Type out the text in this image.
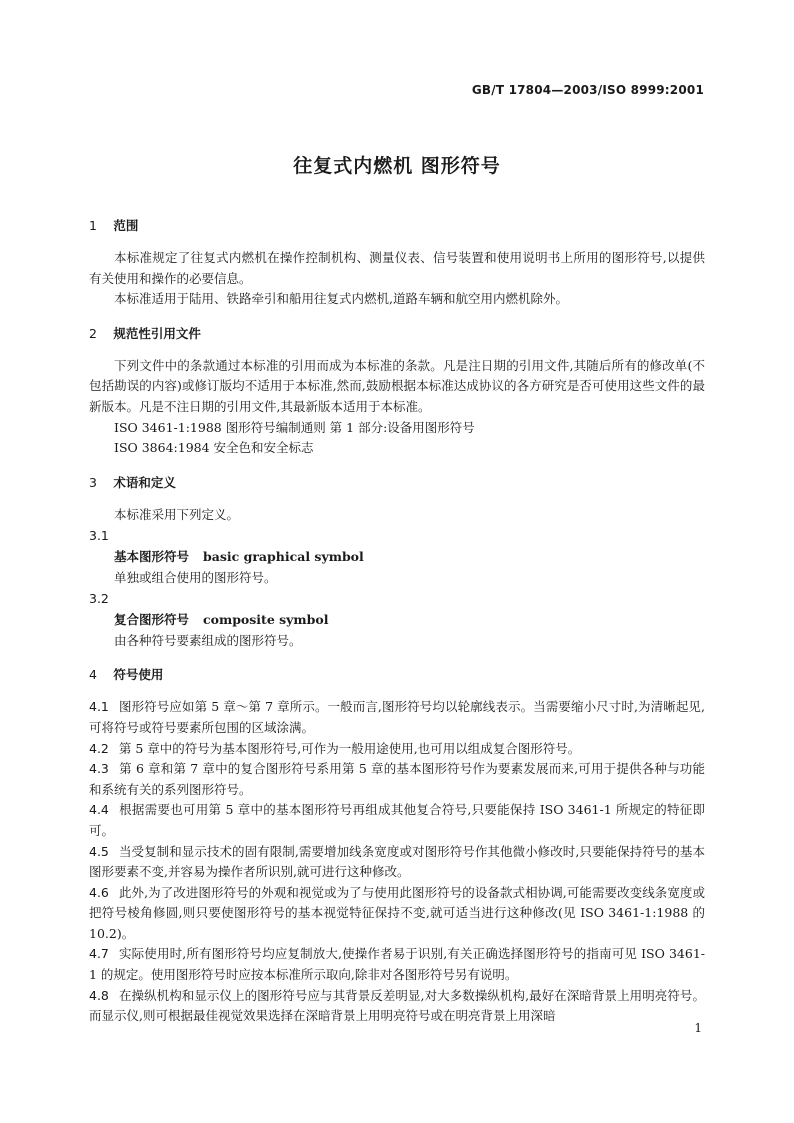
GB/T 17804—2003/ISO 8999:2001
往复式内燃机 图形符号
1 范围

本标准规定了往复式内燃机在操作控制机构、测量仪表、信号装置和使用说明书上所用的图形符号,以提供有关使用和操作的必要信息。

本标准适用于陆用、铁路牵引和船用往复式内燃机,道路车辆和航空用内燃机除外。

2 规范性引用文件

下列文件中的条款通过本标准的引用而成为本标准的条款。凡是注日期的引用文件,其随后所有的修改单(不包括勘误的内容)或修订版均不适用于本标准,然而,鼓励根据本标准达成协议的各方研究是否可使用这些文件的最新版本。凡是不注日期的引用文件,其最新版本适用于本标准。

ISO 3461-1:1988 图形符号编制通则 第 1 部分:设备用图形符号

ISO 3864:1984 安全色和安全标志

3 术语和定义

本标准采用下列定义。

3.1
基本图形符号 basic graphical symbol
单独或组合使用的图形符号。
3.2
复合图形符号 composite symbol
由各种符号要素组成的图形符号。
4 符号使用

4.1 图形符号应如第 5 章～第 7 章所示。一般而言,图形符号均以轮廓线表示。当需要缩小尺寸时,为清晰起见,可将符号或符号要素所包围的区域涂满。

4.2 第 5 章中的符号为基本图形符号,可作为一般用途使用,也可用以组成复合图形符号。

4.3 第 6 章和第 7 章中的复合图形符号系用第 5 章的基本图形符号作为要素发展而来,可用于提供各种与功能和系统有关的系列图形符号。

4.4 根据需要也可用第 5 章中的基本图形符号再组成其他复合符号,只要能保持 ISO 3461-1 所规定的特征即可。

4.5 当受复制和显示技术的固有限制,需要增加线条宽度或对图形符号作其他微小修改时,只要能保持符号的基本图形要素不变,并容易为操作者所识别,就可进行这种修改。

4.6 此外,为了改进图形符号的外观和视觉或为了与使用此图形符号的设备款式相协调,可能需要改变线条宽度或把符号棱角修圆,则只要使图形符号的基本视觉特征保持不变,就可适当进行这种修改(见 ISO 3461-1:1988 的 10.2)。

4.7 实际使用时,所有图形符号均应复制放大,使操作者易于识别,有关正确选择图形符号的指南可见 ISO 3461-1 的规定。使用图形符号时应按本标准所示取向,除非对各图形符号另有说明。

4.8 在操纵机构和显示仪上的图形符号应与其背景反差明显,对大多数操纵机构,最好在深暗背景上用明亮符号。而显示仪,则可根据最佳视觉效果选择在深暗背景上用明亮符号或在明亮背景上用深暗

1
